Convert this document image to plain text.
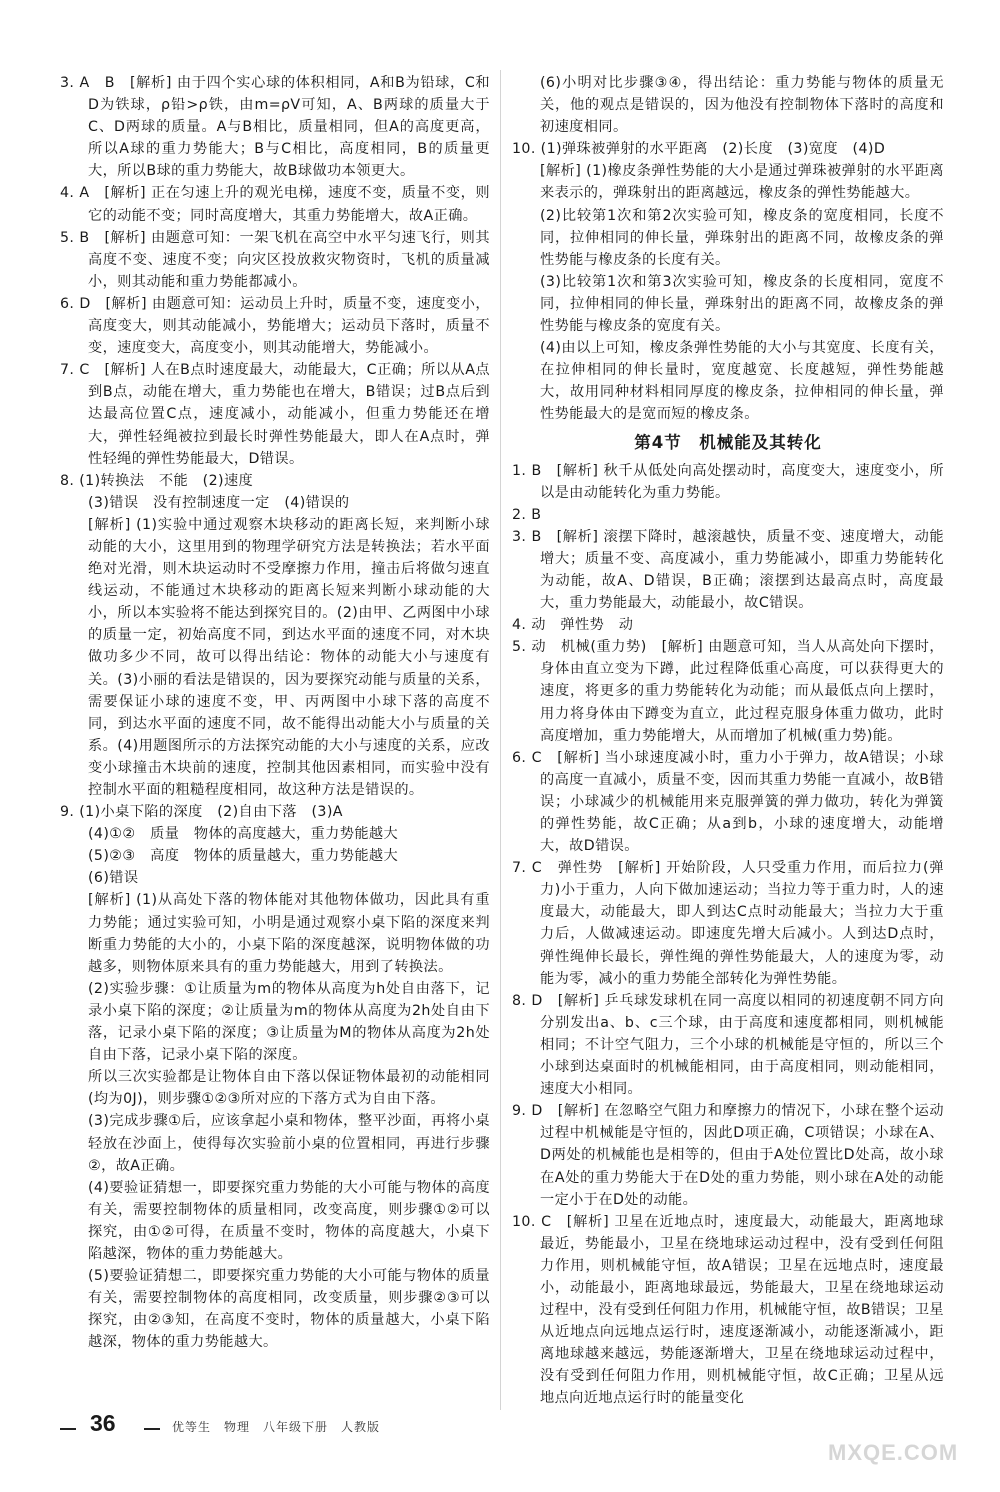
3. A　B　[解析] 由于四个实心球的体积相同，A和B为铅球，C和D为铁球，ρ铅>ρ铁，由m=ρV可知，A、B两球的质量大于C、D两球的质量。A与B相比，质量相同，但A的高度更高，所以A球的重力势能大；B与C相比，高度相同，B的质量更大，所以B球的重力势能大，故B球做功本领更大。

4. A　[解析] 正在匀速上升的观光电梯，速度不变，质量不变，则它的动能不变；同时高度增大，其重力势能增大，故A正确。

5. B　[解析] 由题意可知：一架飞机在高空中水平匀速飞行，则其高度不变、速度不变；向灾区投放救灾物资时，飞机的质量减小，则其动能和重力势能都减小。

6. D　[解析] 由题意可知：运动员上升时，质量不变，速度变小，高度变大，则其动能减小，势能增大；运动员下落时，质量不变，速度变大，高度变小，则其动能增大，势能减小。

7. C　[解析] 人在B点时速度最大，动能最大，C正确；所以从A点到B点，动能在增大，重力势能也在增大，B错误；过B点后到达最高位置C点，速度减小，动能减小，但重力势能还在增大，弹性轻绳被拉到最长时弹性势能最大，即人在A点时，弹性轻绳的弹性势能最大，D错误。

8. (1)转换法　不能　(2)速度

(3)错误　没有控制速度一定　(4)错误的

[解析] (1)实验中通过观察木块移动的距离长短，来判断小球动能的大小，这里用到的物理学研究方法是转换法；若水平面绝对光滑，则木块运动时不受摩擦力作用，撞击后将做匀速直线运动，不能通过木块移动的距离长短来判断小球动能的大小，所以本实验将不能达到探究目的。(2)由甲、乙两图中小球的质量一定，初始高度不同，到达水平面的速度不同，对木块做功多少不同，故可以得出结论：物体的动能大小与速度有关。(3)小丽的看法是错误的，因为要探究动能与质量的关系，需要保证小球的速度不变，甲、丙两图中小球下落的高度不同，到达水平面的速度不同，故不能得出动能大小与质量的关系。(4)用题图所示的方法探究动能的大小与速度的关系，应改变小球撞击木块前的速度，控制其他因素相同，而实验中没有控制水平面的粗糙程度相同，故这种方法是错误的。

9. (1)小桌下陷的深度　(2)自由下落　(3)A

(4)①②　质量　物体的高度越大，重力势能越大

(5)②③　高度　物体的质量越大，重力势能越大

(6)错误

[解析] (1)从高处下落的物体能对其他物体做功，因此具有重力势能；通过实验可知，小明是通过观察小桌下陷的深度来判断重力势能的大小的，小桌下陷的深度越深，说明物体做的功越多，则物体原来具有的重力势能越大，用到了转换法。

(2)实验步骤：①让质量为m的物体从高度为h处自由落下，记录小桌下陷的深度；②让质量为m的物体从高度为2h处自由下落，记录小桌下陷的深度；③让质量为M的物体从高度为2h处自由下落，记录小桌下陷的深度。

所以三次实验都是让物体自由下落以保证物体最初的动能相同(均为0J)，则步骤①②③所对应的下落方式为自由下落。

(3)完成步骤①后，应该拿起小桌和物体，整平沙面，再将小桌轻放在沙面上，使得每次实验前小桌的位置相同，再进行步骤②，故A正确。

(4)要验证猜想一，即要探究重力势能的大小可能与物体的高度有关，需要控制物体的质量相同，改变高度，则步骤①②可以探究，由①②可得，在质量不变时，物体的高度越大，小桌下陷越深，物体的重力势能越大。

(5)要验证猜想二，即要探究重力势能的大小可能与物体的质量有关，需要控制物体的高度相同，改变质量，则步骤②③可以探究，由②③知，在高度不变时，物体的质量越大，小桌下陷越深，物体的重力势能越大。

(6)小明对比步骤③④，得出结论：重力势能与物体的质量无关，他的观点是错误的，因为他没有控制物体下落时的高度和初速度相同。

10. (1)弹珠被弹射的水平距离　(2)长度　(3)宽度　(4)D

[解析] (1)橡皮条弹性势能的大小是通过弹珠被弹射的水平距离来表示的，弹珠射出的距离越远，橡皮条的弹性势能越大。

(2)比较第1次和第2次实验可知，橡皮条的宽度相同，长度不同，拉伸相同的伸长量，弹珠射出的距离不同，故橡皮条的弹性势能与橡皮条的长度有关。

(3)比较第1次和第3次实验可知，橡皮条的长度相同，宽度不同，拉伸相同的伸长量，弹珠射出的距离不同，故橡皮条的弹性势能与橡皮条的宽度有关。

(4)由以上可知，橡皮条弹性势能的大小与其宽度、长度有关，在拉伸相同的伸长量时，宽度越宽、长度越短，弹性势能越大，故用同种材料相同厚度的橡皮条，拉伸相同的伸长量，弹性势能最大的是宽而短的橡皮条。

第4节　机械能及其转化

1. B　[解析] 秋千从低处向高处摆动时，高度变大，速度变小，所以是由动能转化为重力势能。

2. B

3. B　[解析] 滚摆下降时，越滚越快，质量不变、速度增大，动能增大；质量不变、高度减小，重力势能减小，即重力势能转化为动能，故A、D错误，B正确；滚摆到达最高点时，高度最大，重力势能最大，动能最小，故C错误。

4. 动　弹性势　动

5. 动　机械(重力势)　[解析] 由题意可知，当人从高处向下摆时，身体由直立变为下蹲，此过程降低重心高度，可以获得更大的速度，将更多的重力势能转化为动能；而从最低点向上摆时，用力将身体由下蹲变为直立，此过程克服身体重力做功，此时高度增加，重力势能增大，从而增加了机械(重力势)能。

6. C　[解析] 当小球速度减小时，重力小于弹力，故A错误；小球的高度一直减小，质量不变，因而其重力势能一直减小，故B错误；小球减少的机械能用来克服弹簧的弹力做功，转化为弹簧的弹性势能，故C正确；从a到b，小球的速度增大，动能增大，故D错误。

7. C　弹性势　[解析] 开始阶段，人只受重力作用，而后拉力(弹力)小于重力，人向下做加速运动；当拉力等于重力时，人的速度最大，动能最大，即人到达C点时动能最大；当拉力大于重力后，人做减速运动。即速度先增大后减小。人到达D点时，弹性绳伸长最长，弹性绳的弹性势能最大，人的速度为零，动能为零，减小的重力势能全部转化为弹性势能。

8. D　[解析] 乒乓球发球机在同一高度以相同的初速度朝不同方向分别发出a、b、c三个球，由于高度和速度都相同，则机械能相同；不计空气阻力，三个小球的机械能是守恒的，所以三个小球到达桌面时的机械能相同，由于高度相同，则动能相同，速度大小相同。

9. D　[解析] 在忽略空气阻力和摩擦力的情况下，小球在整个运动过程中机械能是守恒的，因此D项正确，C项错误；小球在A、D两处的机械能也是相等的，但由于A处位置比D处高，故小球在A处的重力势能大于在D处的重力势能，则小球在A处的动能一定小于在D处的动能。

10. C　[解析] 卫星在近地点时，速度最大，动能最大，距离地球最近，势能最小，卫星在绕地球运动过程中，没有受到任何阻力作用，则机械能守恒，故A错误；卫星在远地点时，速度最小，动能最小，距离地球最远，势能最大，卫星在绕地球运动过程中，没有受到任何阻力作用，机械能守恒，故B错误；卫星从近地点向远地点运行时，速度逐渐减小，动能逐渐减小，距离地球越来越远，势能逐渐增大，卫星在绕地球运动过程中，没有受到任何阻力作用，则机械能守恒，故C正确；卫星从远地点向近地点运行时的能量变化

36	优等生　物理　八年级下册　人教版
MXQE.COM
